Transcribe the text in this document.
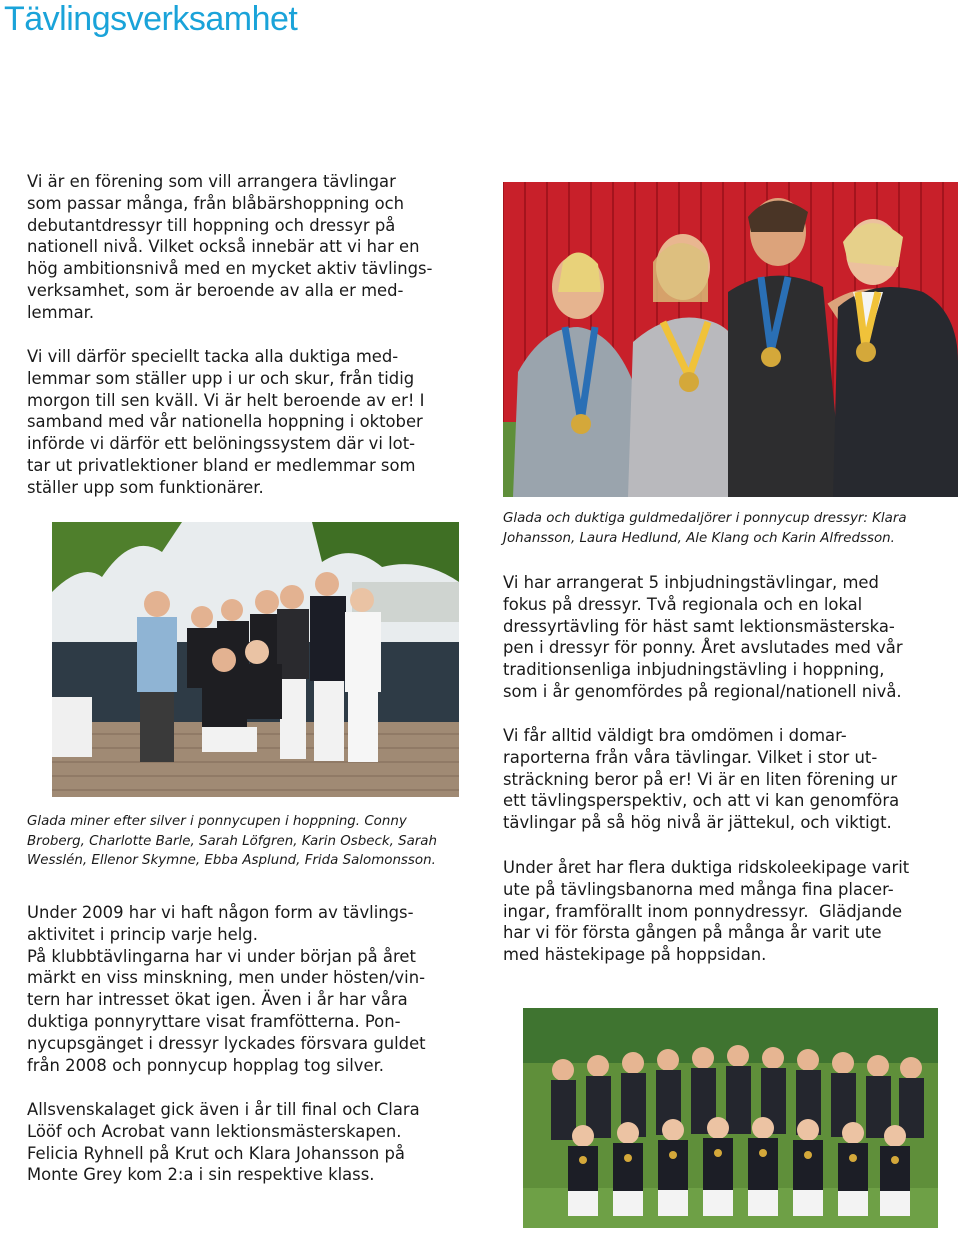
Tävlingsverksamhet
Vi är en förening som vill arrangera tävlingar
som passar många, från blåbärshoppning och
debutantdressyr till hoppning och dressyr på
nationell nivå. Vilket också innebär att vi har en
hög ambitionsnivå med en mycket aktiv tävlings-
verksamhet, som är beroende av alla er med-
lemmar.
Vi vill därför speciellt tacka alla duktiga med-
lemmar som ställer upp i ur och skur, från tidig
morgon till sen kväll. Vi är helt beroende av er! I
samband med vår nationella hoppning i oktober
införde vi därför ett belöningssystem där vi lot-
tar ut privatlektioner bland er medlemmar som
ställer upp som funktionärer.
Glada och duktiga guldmedaljörer i ponnycup dressyr: Klara
Johansson, Laura Hedlund, Ale Klang och Karin Alfredsson.
Glada miner efter silver i ponnycupen i hoppning. Conny
Broberg, Charlotte Barle, Sarah Löfgren, Karin Osbeck, Sarah
Wesslén, Ellenor Skymne, Ebba Asplund, Frida Salomonsson.
Vi har arrangerat 5 inbjudningstävlingar, med
fokus på dressyr. Två regionala och en lokal
dressyrtävling för häst samt lektionsmästerska-
pen i dressyr för ponny. Året avslutades med vår
traditionsenliga inbjudningstävling i hoppning,
som i år genomfördes på regional/nationell nivå.
Vi får alltid väldigt bra omdömen i domar-
raporterna från våra tävlingar. Vilket i stor ut-
sträckning beror på er! Vi är en liten förening ur
ett tävlingsperspektiv, och att vi kan genomföra
tävlingar på så hög nivå är jättekul, och viktigt.
Under året har flera duktiga ridskoleekipage varit
ute på tävlingsbanorna med många fina placer-
ingar, framförallt inom ponnydressyr.  Glädjande
har vi för första gången på många år varit ute
med hästekipage på hoppsidan.
Under 2009 har vi haft någon form av tävlings-
aktivitet i princip varje helg.
På klubbtävlingarna har vi under början på året
märkt en viss minskning, men under hösten/vin-
tern har intresset ökat igen. Även i år har våra
duktiga ponnyryttare visat framfötterna. Pon-
nycupsgänget i dressyr lyckades försvara guldet
från 2008 och ponnycup hopplag tog silver.
Allsvenskalaget gick även i år till final och Clara
Lööf och Acrobat vann lektionsmästerskapen.
Felicia Ryhnell på Krut och Klara Johansson på
Monte Grey kom 2:a i sin respektive klass.
